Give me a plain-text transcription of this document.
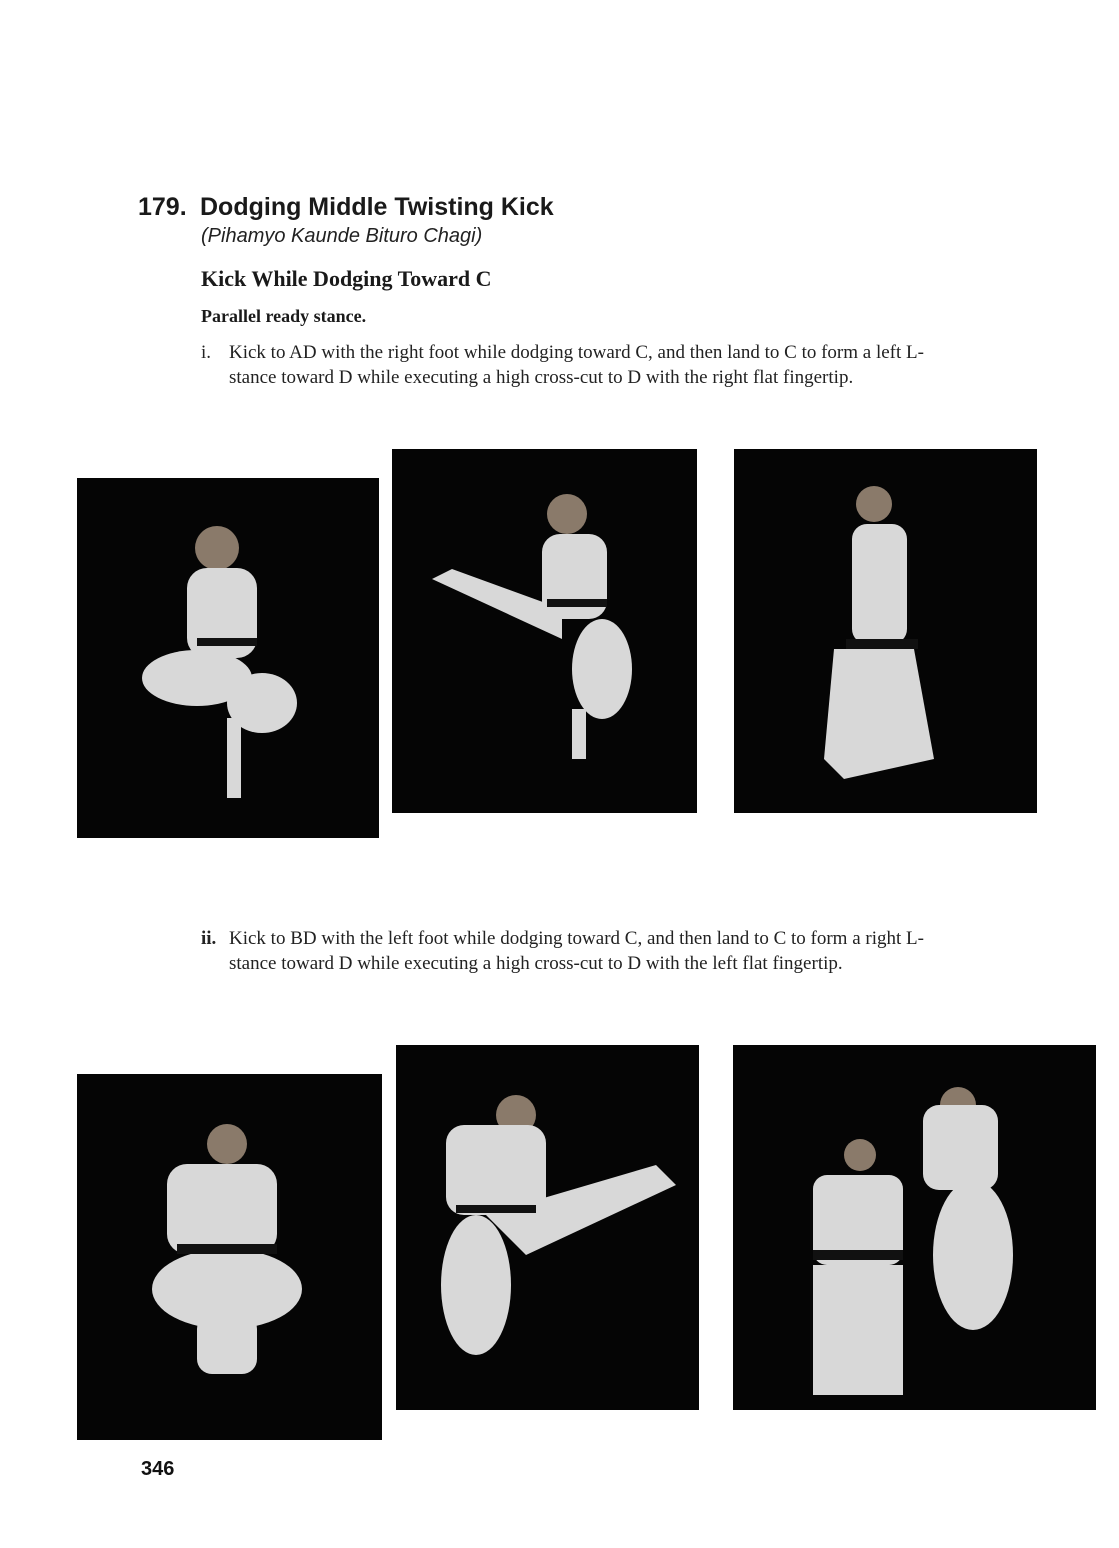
179. Dodging Middle Twisting Kick
(Pihamyo Kaunde Bituro Chagi)
Kick While Dodging Toward C
Parallel ready stance.
i. Kick to AD with the right foot while dodging toward C, and then land to C to form a left L-stance toward D while executing a high cross-cut to D with the right flat fingertip.
ii. Kick to BD with the left foot while dodging toward C, and then land to C to form a right L-stance toward D while executing a high cross-cut to D with the left flat fingertip.
346
